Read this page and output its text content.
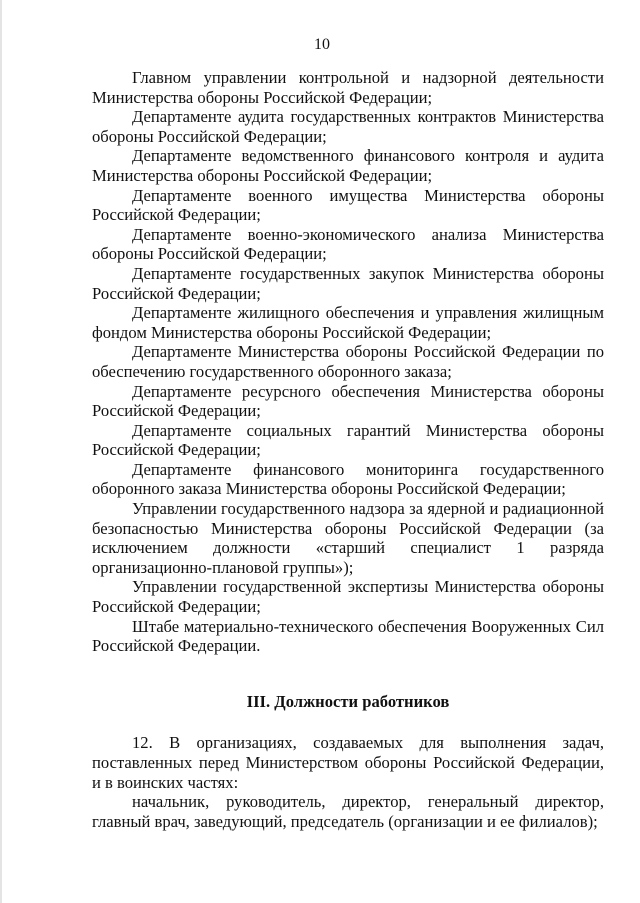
10

Главном управлении контрольной и надзорной деятельности Министерства обороны Российской Федерации;

Департаменте аудита государственных контрактов Министерства обороны Российской Федерации;

Департаменте ведомственного финансового контроля и аудита Министерства обороны Российской Федерации;

Департаменте военного имущества Министерства обороны Российской Федерации;

Департаменте военно-экономического анализа Министерства обороны Российской Федерации;

Департаменте государственных закупок Министерства обороны Российской Федерации;

Департаменте жилищного обеспечения и управления жилищным фондом Министерства обороны Российской Федерации;

Департаменте Министерства обороны Российской Федерации по обеспечению государственного оборонного заказа;

Департаменте ресурсного обеспечения Министерства обороны Российской Федерации;

Департаменте социальных гарантий Министерства обороны Российской Федерации;

Департаменте финансового мониторинга государственного оборонного заказа Министерства обороны Российской Федерации;

Управлении государственного надзора за ядерной и радиационной безопасностью Министерства обороны Российской Федерации (за исключением должности «старший специалист 1 разряда организационно-плановой группы»);

Управлении государственной экспертизы Министерства обороны Российской Федерации;

Штабе материально-технического обеспечения Вооруженных Сил Российской Федерации.

III. Должности работников

12. В организациях, создаваемых для выполнения задач, поставленных перед Министерством обороны Российской Федерации, и в воинских частях:

начальник, руководитель, директор, генеральный директор, главный врач, заведующий, председатель (организации и ее филиалов);
